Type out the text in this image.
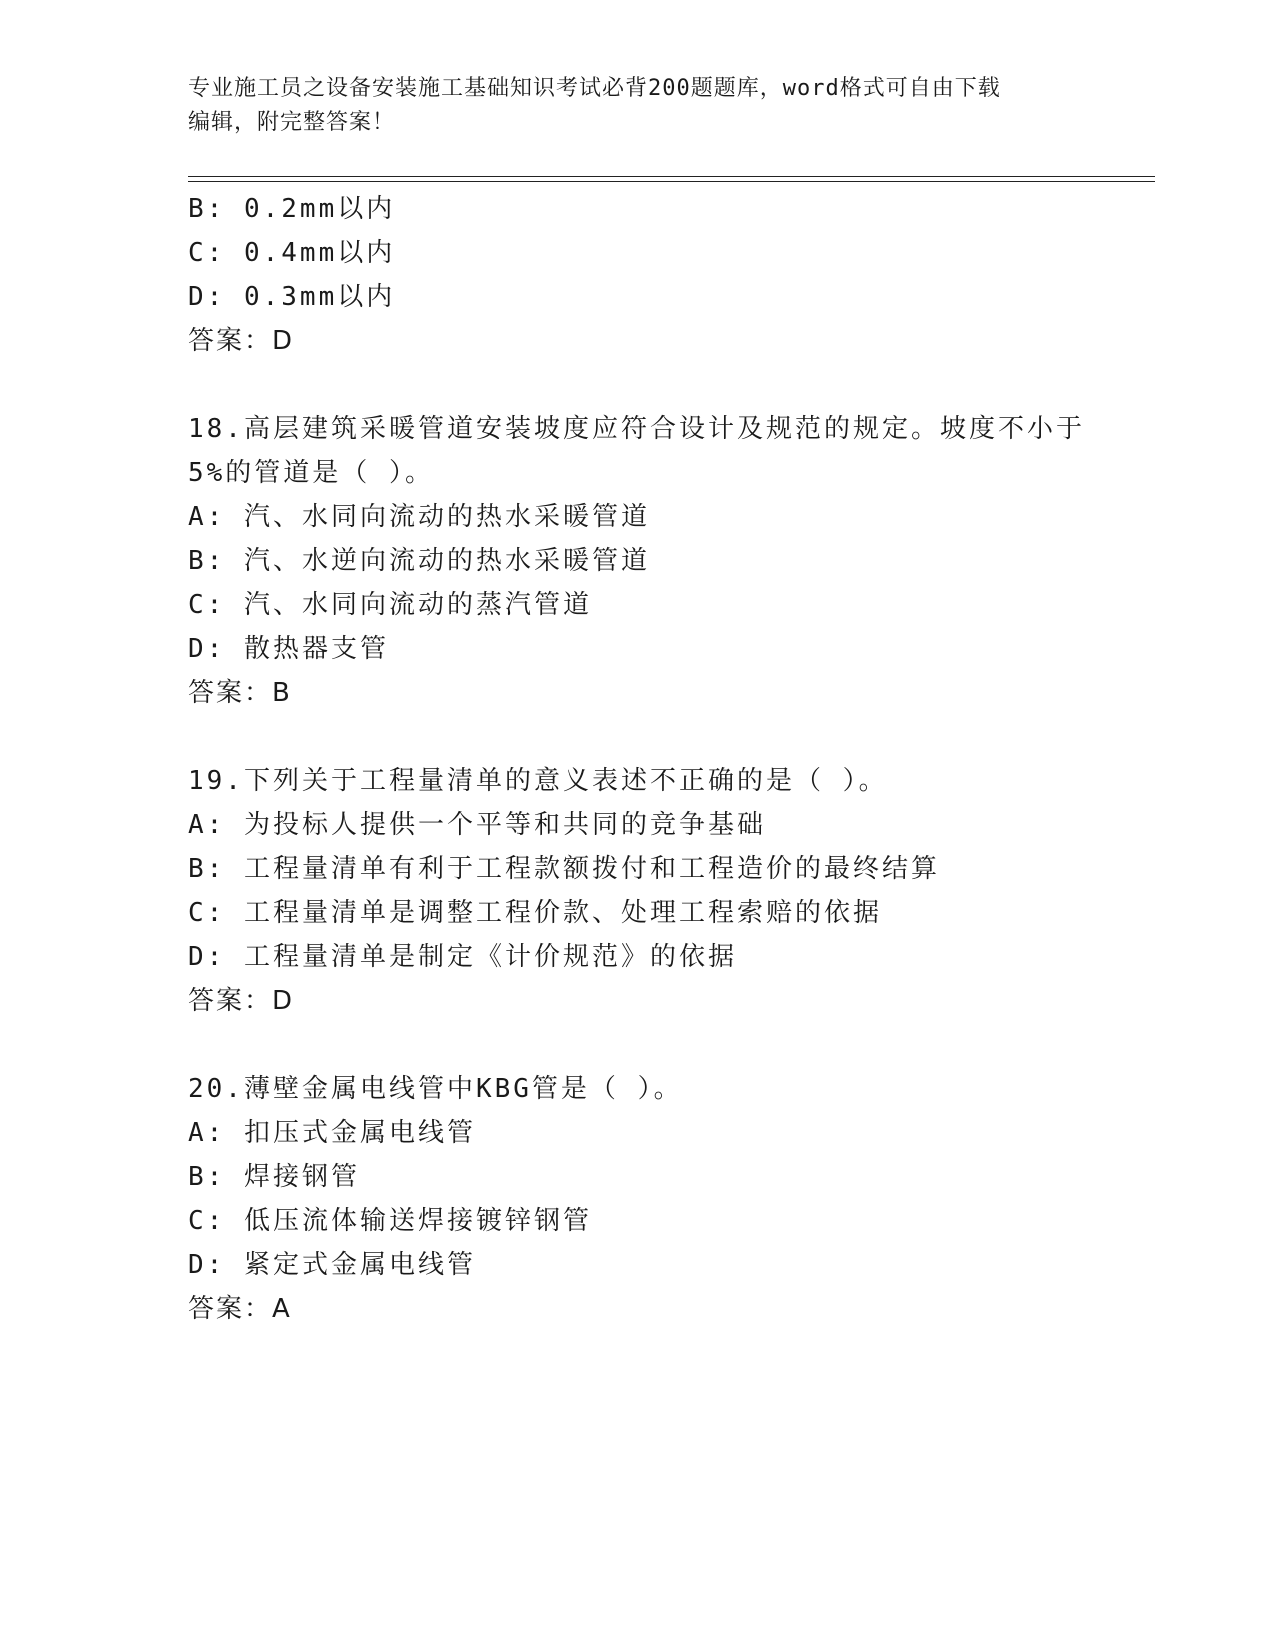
专业施工员之设备安装施工基础知识考试必背200题题库，word格式可自由下载
编辑，附完整答案！
B: 0.2mm以内
C: 0.4mm以内
D: 0.3mm以内
答案：D
18.高层建筑采暖管道安装坡度应符合设计及规范的规定。坡度不小于
5%的管道是（ ）。
A: 汽、水同向流动的热水采暖管道
B: 汽、水逆向流动的热水采暖管道
C: 汽、水同向流动的蒸汽管道
D: 散热器支管
答案：B
19.下列关于工程量清单的意义表述不正确的是（ ）。
A: 为投标人提供一个平等和共同的竞争基础
B: 工程量清单有利于工程款额拨付和工程造价的最终结算
C: 工程量清单是调整工程价款、处理工程索赔的依据
D: 工程量清单是制定《计价规范》的依据
答案：D
20.薄壁金属电线管中KBG管是（ ）。
A: 扣压式金属电线管
B: 焊接钢管
C: 低压流体输送焊接镀锌钢管
D: 紧定式金属电线管
答案：A
